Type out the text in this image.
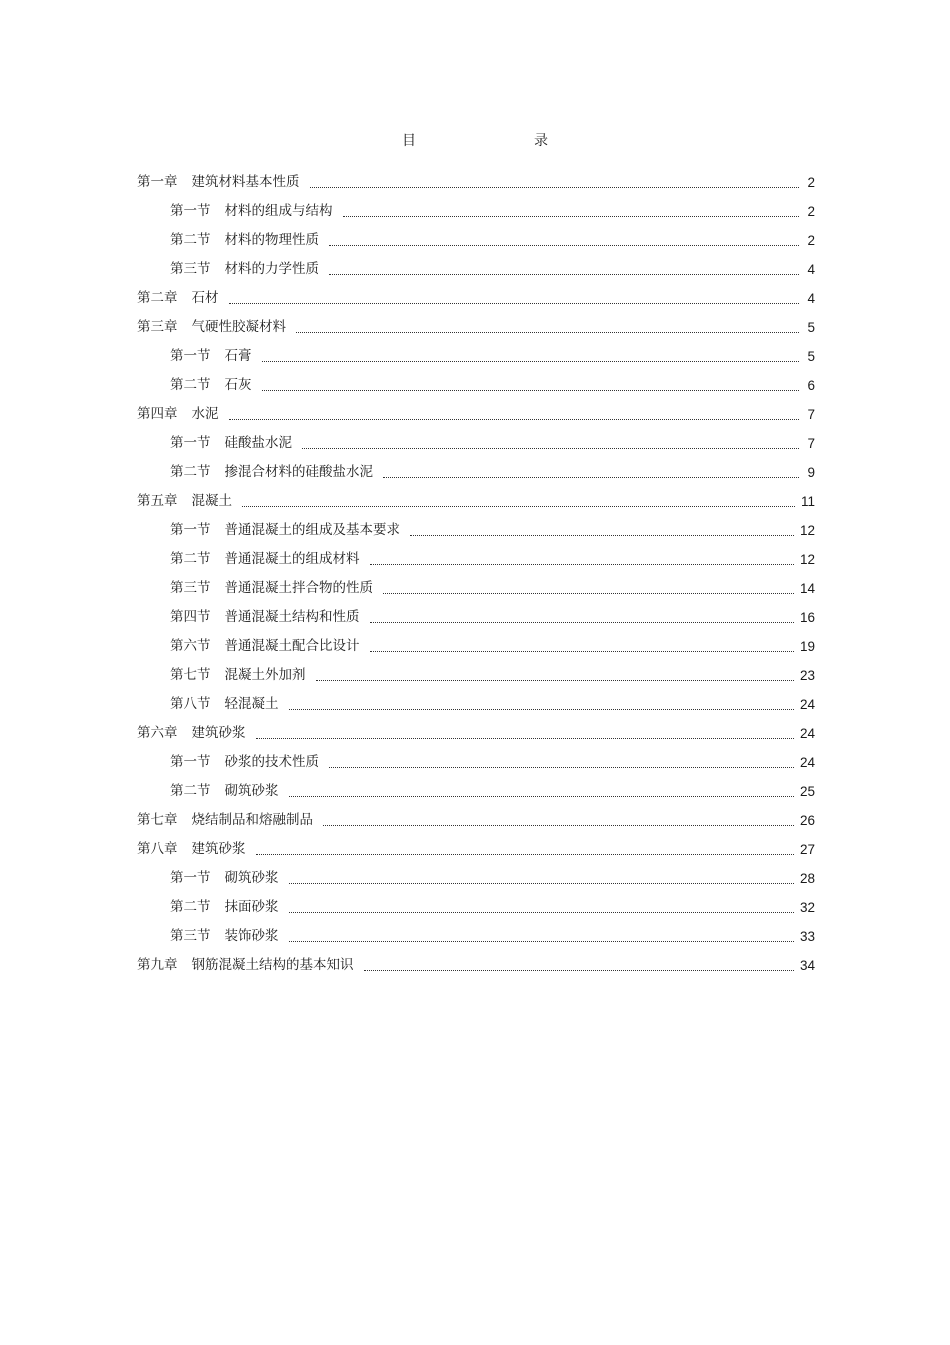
目　录
第一章 建筑材料基本性质	2
第一节 材料的组成与结构	2
第二节 材料的物理性质	2
第三节 材料的力学性质	4
第二章 石材	4
第三章 气硬性胶凝材料	5
第一节 石膏	5
第二节 石灰	6
第四章 水泥	7
第一节 硅酸盐水泥	7
第二节 掺混合材料的硅酸盐水泥	9
第五章 混凝土	11
第一节 普通混凝土的组成及基本要求	12
第二节 普通混凝土的组成材料	12
第三节 普通混凝土拌合物的性质	14
第四节 普通混凝土结构和性质	16
第六节 普通混凝土配合比设计	19
第七节 混凝土外加剂	23
第八节 轻混凝土	24
第六章 建筑砂浆	24
第一节 砂浆的技术性质	24
第二节 砌筑砂浆	25
第七章 烧结制品和熔融制品	26
第八章 建筑砂浆	27
第一节 砌筑砂浆	28
第二节 抹面砂浆	32
第三节 装饰砂浆	33
第九章 钢筋混凝土结构的基本知识	34
